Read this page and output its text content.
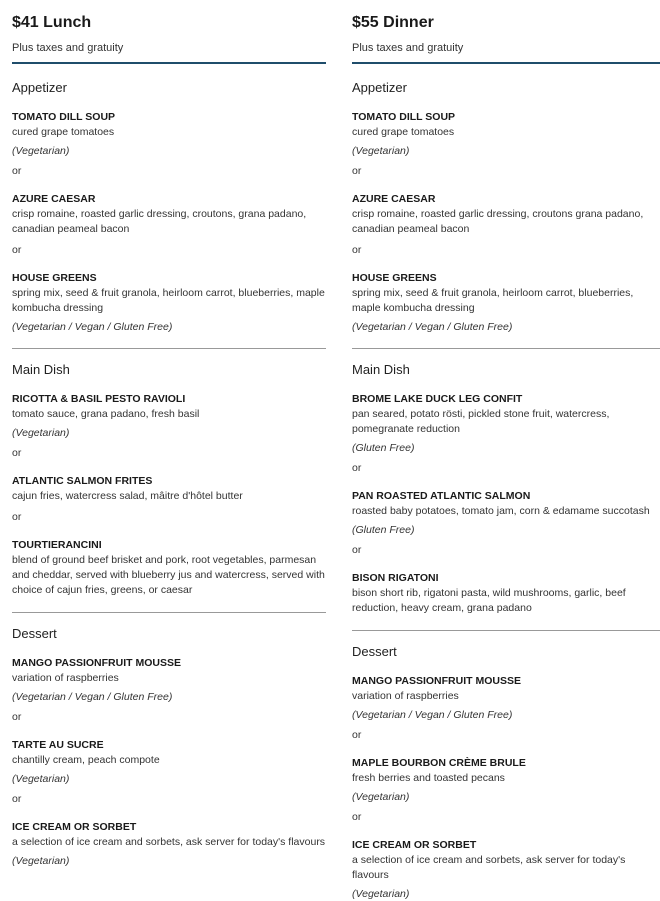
$41 Lunch
Plus taxes and gratuity
Appetizer
TOMATO DILL SOUP
cured grape tomatoes
(Vegetarian)
or
AZURE CAESAR
crisp romaine, roasted garlic dressing, croutons, grana padano, canadian peameal bacon
or
HOUSE GREENS
spring mix, seed & fruit granola, heirloom carrot, blueberries, maple kombucha dressing
(Vegetarian / Vegan / Gluten Free)
Main Dish
RICOTTA & BASIL PESTO RAVIOLI
tomato sauce, grana padano, fresh basil
(Vegetarian)
or
ATLANTIC SALMON FRITES
cajun fries, watercress salad, mâitre d'hôtel butter
or
TOURTIERANCINI
blend of ground beef brisket and pork, root vegetables, parmesan and cheddar, served with blueberry jus and watercress, served with choice of cajun fries, greens, or caesar
Dessert
MANGO PASSIONFRUIT MOUSSE
variation of raspberries
(Vegetarian / Vegan / Gluten Free)
or
TARTE AU SUCRE
chantilly cream, peach compote
(Vegetarian)
or
ICE CREAM OR SORBET
a selection of ice cream and sorbets, ask server for today's flavours
(Vegetarian)
$55 Dinner
Plus taxes and gratuity
Appetizer
TOMATO DILL SOUP
cured grape tomatoes
(Vegetarian)
or
AZURE CAESAR
crisp romaine, roasted garlic dressing, croutons grana padano, canadian peameal bacon
or
HOUSE GREENS
spring mix, seed & fruit granola, heirloom carrot, blueberries, maple kombucha dressing
(Vegetarian / Vegan / Gluten Free)
Main Dish
BROME LAKE DUCK LEG CONFIT
pan seared, potato rösti, pickled stone fruit, watercress, pomegranate reduction
(Gluten Free)
or
PAN ROASTED ATLANTIC SALMON
roasted baby potatoes, tomato jam, corn & edamame succotash
(Gluten Free)
or
BISON RIGATONI
bison short rib, rigatoni pasta, wild mushrooms, garlic, beef reduction, heavy cream, grana padano
Dessert
MANGO PASSIONFRUIT MOUSSE
variation of raspberries
(Vegetarian / Vegan / Gluten Free)
or
MAPLE BOURBON CRÈME BRULE
fresh berries and toasted pecans
(Vegetarian)
or
ICE CREAM OR SORBET
a selection of ice cream and sorbets, ask server for today's flavours
(Vegetarian)
